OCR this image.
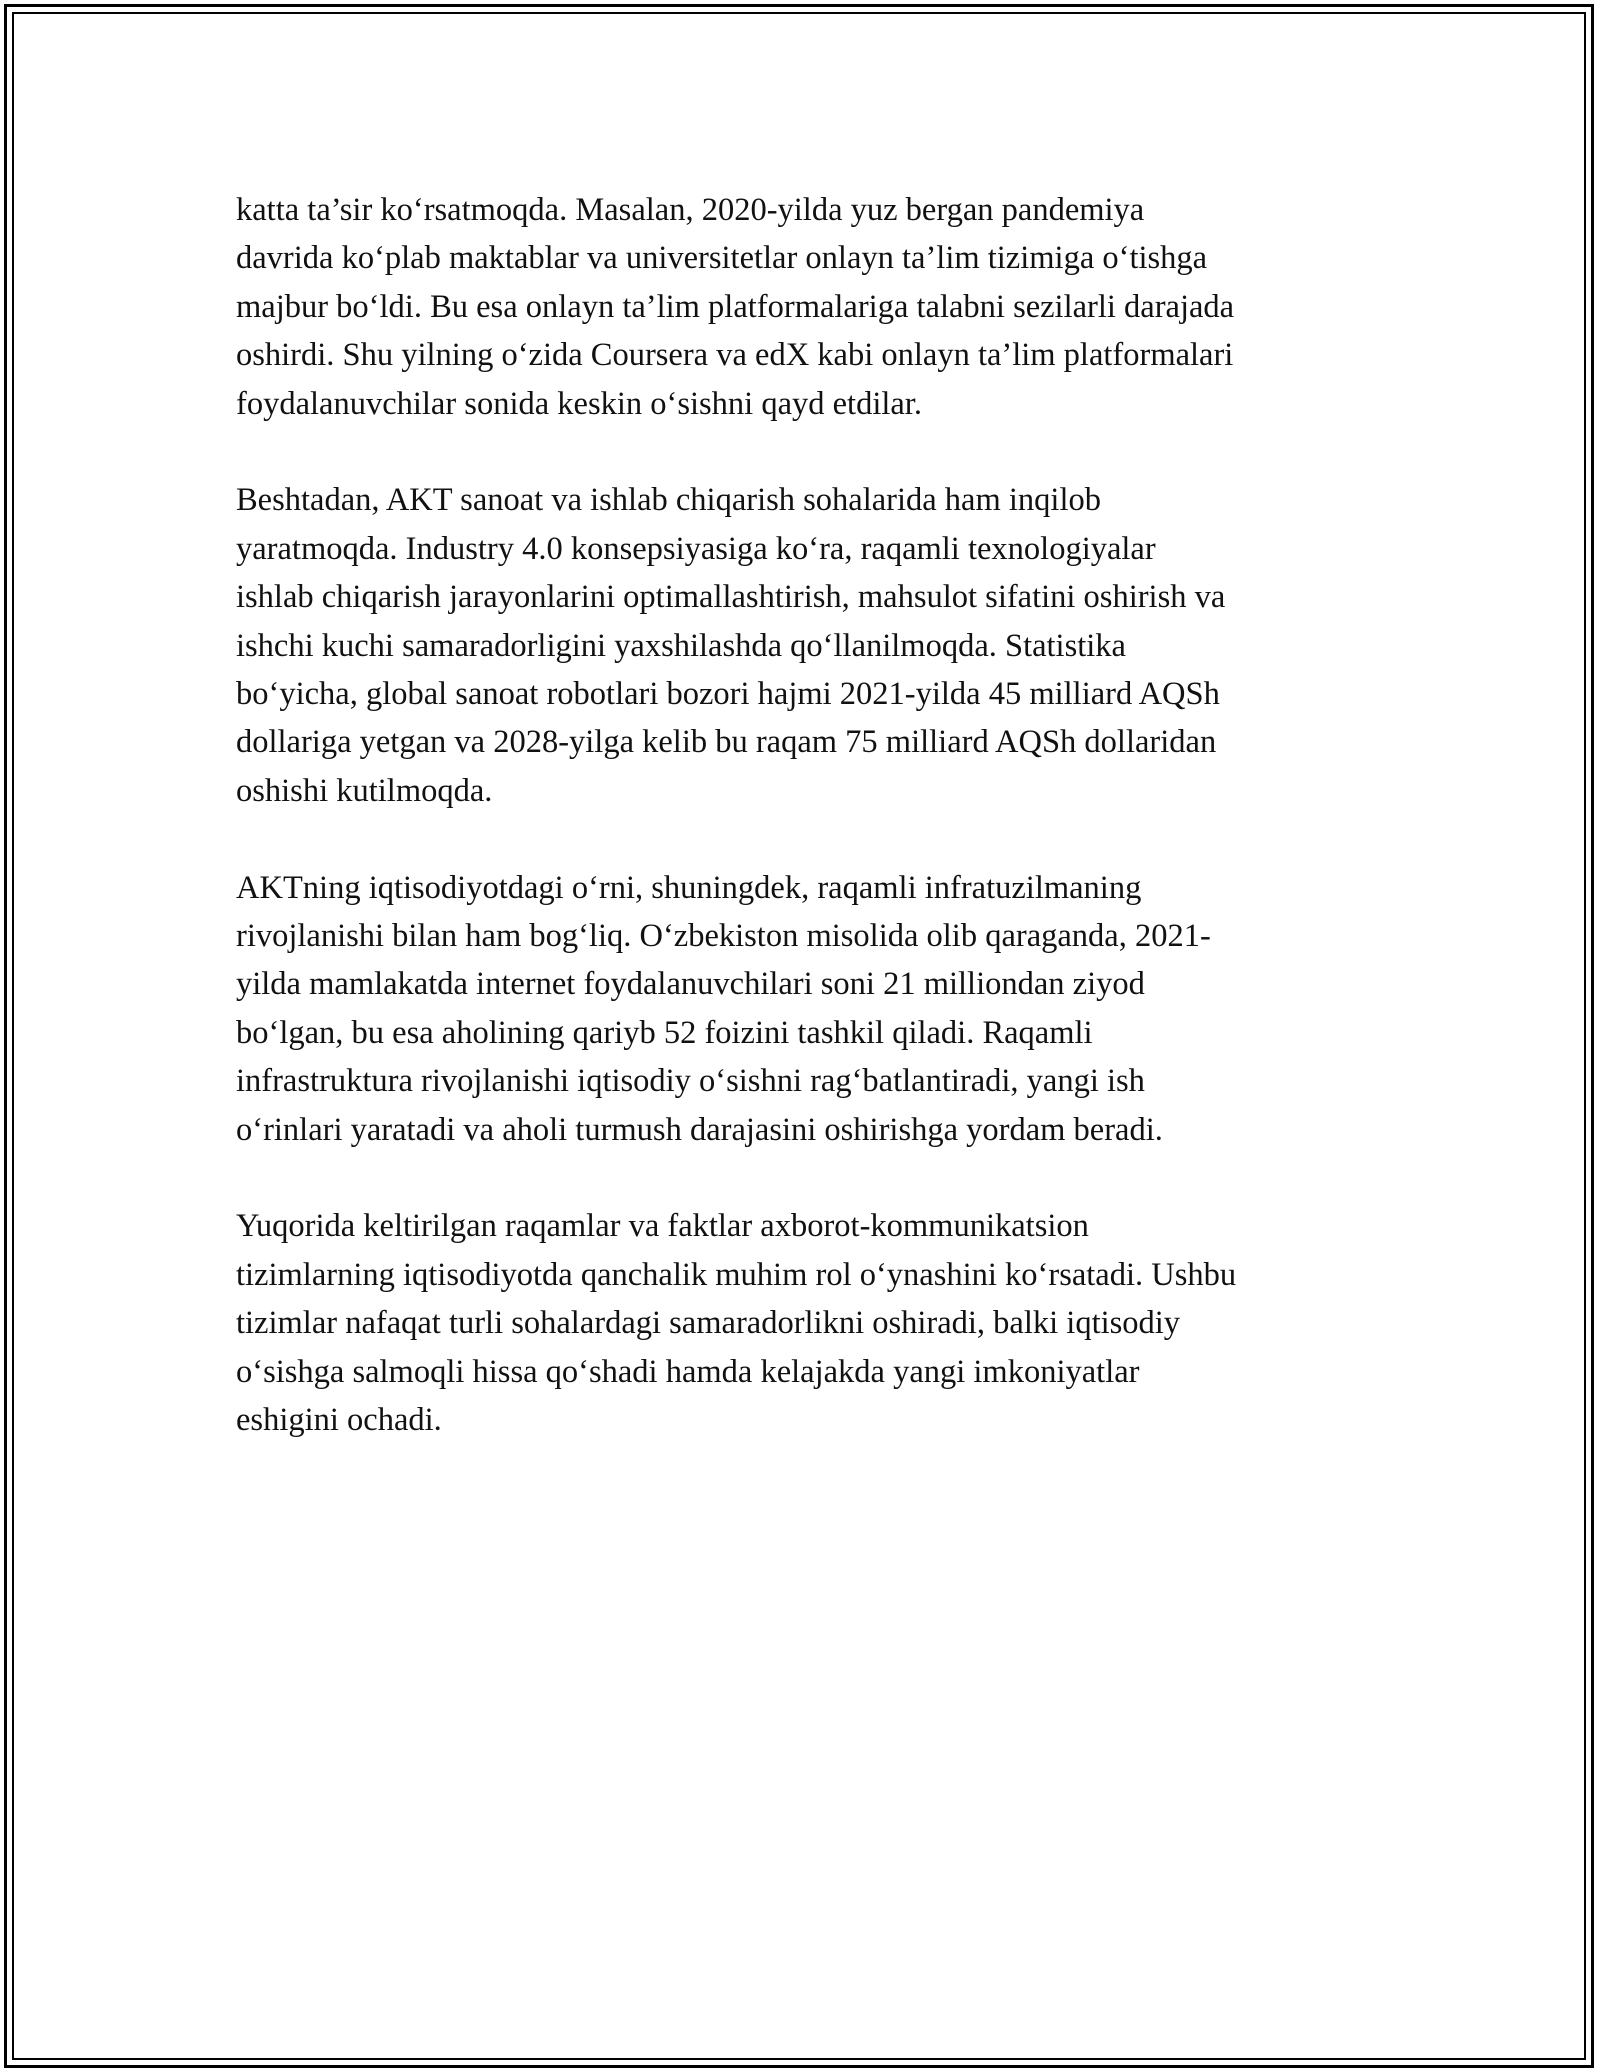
katta ta’sir ko‘rsatmoqda. Masalan, 2020-yilda yuz bergan pandemiya
davrida ko‘plab maktablar va universitetlar onlayn ta’lim tizimiga o‘tishga
majbur bo‘ldi. Bu esa onlayn ta’lim platformalariga talabni sezilarli darajada
oshirdi. Shu yilning o‘zida Coursera va edX kabi onlayn ta’lim platformalari
foydalanuvchilar sonida keskin o‘sishni qayd etdilar.

Beshtadan, AKT sanoat va ishlab chiqarish sohalarida ham inqilob
yaratmoqda. Industry 4.0 konsepsiyasiga ko‘ra, raqamli texnologiyalar
ishlab chiqarish jarayonlarini optimallashtirish, mahsulot sifatini oshirish va
ishchi kuchi samaradorligini yaxshilashda qo‘llanilmoqda. Statistika
bo‘yicha, global sanoat robotlari bozori hajmi 2021-yilda 45 milliard AQSh
dollariga yetgan va 2028-yilga kelib bu raqam 75 milliard AQSh dollaridan
oshishi kutilmoqda.

AKTning iqtisodiyotdagi o‘rni, shuningdek, raqamli infratuzilmaning
rivojlanishi bilan ham bog‘liq. O‘zbekiston misolida olib qaraganda, 2021-
yilda mamlakatda internet foydalanuvchilari soni 21 milliondan ziyod
bo‘lgan, bu esa aholining qariyb 52 foizini tashkil qiladi. Raqamli
infrastruktura rivojlanishi iqtisodiy o‘sishni rag‘batlantiradi, yangi ish
o‘rinlari yaratadi va aholi turmush darajasini oshirishga yordam beradi.

Yuqorida keltirilgan raqamlar va faktlar axborot-kommunikatsion
tizimlarning iqtisodiyotda qanchalik muhim rol o‘ynashini ko‘rsatadi. Ushbu
tizimlar nafaqat turli sohalardagi samaradorlikni oshiradi, balki iqtisodiy
o‘sishga salmoqli hissa qo‘shadi hamda kelajakda yangi imkoniyatlar
eshigini ochadi.
